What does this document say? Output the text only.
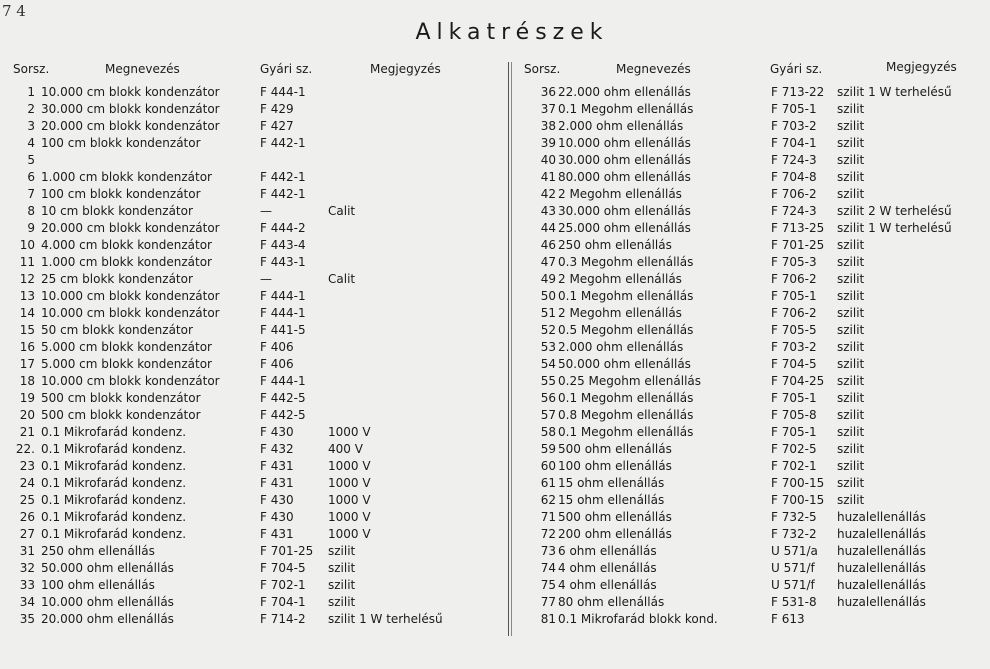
7 4
Alkatrészek
Sorsz.	Megnevezés	Gyári sz.	Megjegyzés
1 10.000 cm blokk kondenzátor	F 444-1
2 30.000 cm blokk kondenzátor	F 429
3 20.000 cm blokk kondenzátor	F 427
4 100 cm blokk kondenzátor	F 442-1
5
6 1.000 cm blokk kondenzátor	F 442-1
7 100 cm blokk kondenzátor	F 442-1
8 10 cm blokk kondenzátor	—	Calit
9 20.000 cm blokk kondenzátor	F 444-2
10 4.000 cm blokk kondenzátor	F 443-4
11 1.000 cm blokk kondenzátor	F 443-1
12 25 cm blokk kondenzátor	—	Calit
13 10.000 cm blokk kondenzátor	F 444-1
14 10.000 cm blokk kondenzátor	F 444-1
15 50 cm blokk kondenzátor	F 441-5
16 5.000 cm blokk kondenzátor	F 406
17 5.000 cm blokk kondenzátor	F 406
18 10.000 cm blokk kondenzátor	F 444-1
19 500 cm blokk kondenzátor	F 442-5
20 500 cm blokk kondenzátor	F 442-5
21 0.1 Mikrofarád kondenz.	F 430	1000 V
22. 0.1 Mikrofarád kondenz.	F 432	400 V
23 0.1 Mikrofarád kondenz.	F 431	1000 V
24 0.1 Mikrofarád kondenz.	F 431	1000 V
25 0.1 Mikrofarád kondenz.	F 430	1000 V
26 0.1 Mikrofarád kondenz.	F 430	1000 V
27 0.1 Mikrofarád kondenz.	F 431	1000 V
31 250 ohm ellenállás	F 701-25 szilit
32 50.000 ohm ellenállás	F 704-5 szilit
33 100 ohm ellenállás	F 702-1 szilit
34 10.000 ohm ellenállás	F 704-1 szilit
35 20.000 ohm ellenállás	F 714-2 szilit 1 W terhelésű
Sorsz.	Megnevezés	Gyári sz.	Megjegyzés
36 22.000 ohm ellenállás	F 713-22 szilit 1 W terhelésű
37 0.1 Megohm ellenállás	F 705-1 szilit
38 2.000 ohm ellenállás	F 703-2 szilit
39 10.000 ohm ellenállás	F 704-1 szilit
40 30.000 ohm ellenállás	F 724-3 szilit
41 80.000 ohm ellenállás	F 704-8 szilit
42 2 Megohm ellenállás	F 706-2 szilit
43 30.000 ohm ellenállás	F 724-3 szilit 2 W terhelésű
44 25.000 ohm ellenállás	F 713-25 szilit 1 W terhelésű
46 250 ohm ellenállás	F 701-25 szilit
47 0.3 Megohm ellenállás	F 705-3 szilit
49 2 Megohm ellenállás	F 706-2 szilit
50 0.1 Megohm ellenállás	F 705-1 szilit
51 2 Megohm ellenállás	F 706-2 szilit
52 0.5 Megohm ellenállás	F 705-5 szilit
53 2.000 ohm ellenállás	F 703-2 szilit
54 50.000 ohm ellenállás	F 704-5 szilit
55 0.25 Megohm ellenállás	F 704-25 szilit
56 0.1 Megohm ellenállás	F 705-1 szilit
57 0.8 Megohm ellenállás	F 705-8 szilit
58 0.1 Megohm ellenállás	F 705-1 szilit
59 500 ohm ellenállás	F 702-5 szilit
60 100 ohm ellenállás	F 702-1 szilit
61 15 ohm ellenállás	F 700-15 szilit
62 15 ohm ellenállás	F 700-15 szilit
71 500 ohm ellenállás	F 732-5 huzalellenállás
72 200 ohm ellenállás	F 732-2 huzalellenállás
73 6 ohm ellenállás	U 571/a huzalellenállás
74 4 ohm ellenállás	U 571/f huzalellenállás
75 4 ohm ellenállás	U 571/f huzalellenállás
77 80 ohm ellenállás	F 531-8 huzalellenállás
81 0.1 Mikrofarád blokk kond.	F 613
